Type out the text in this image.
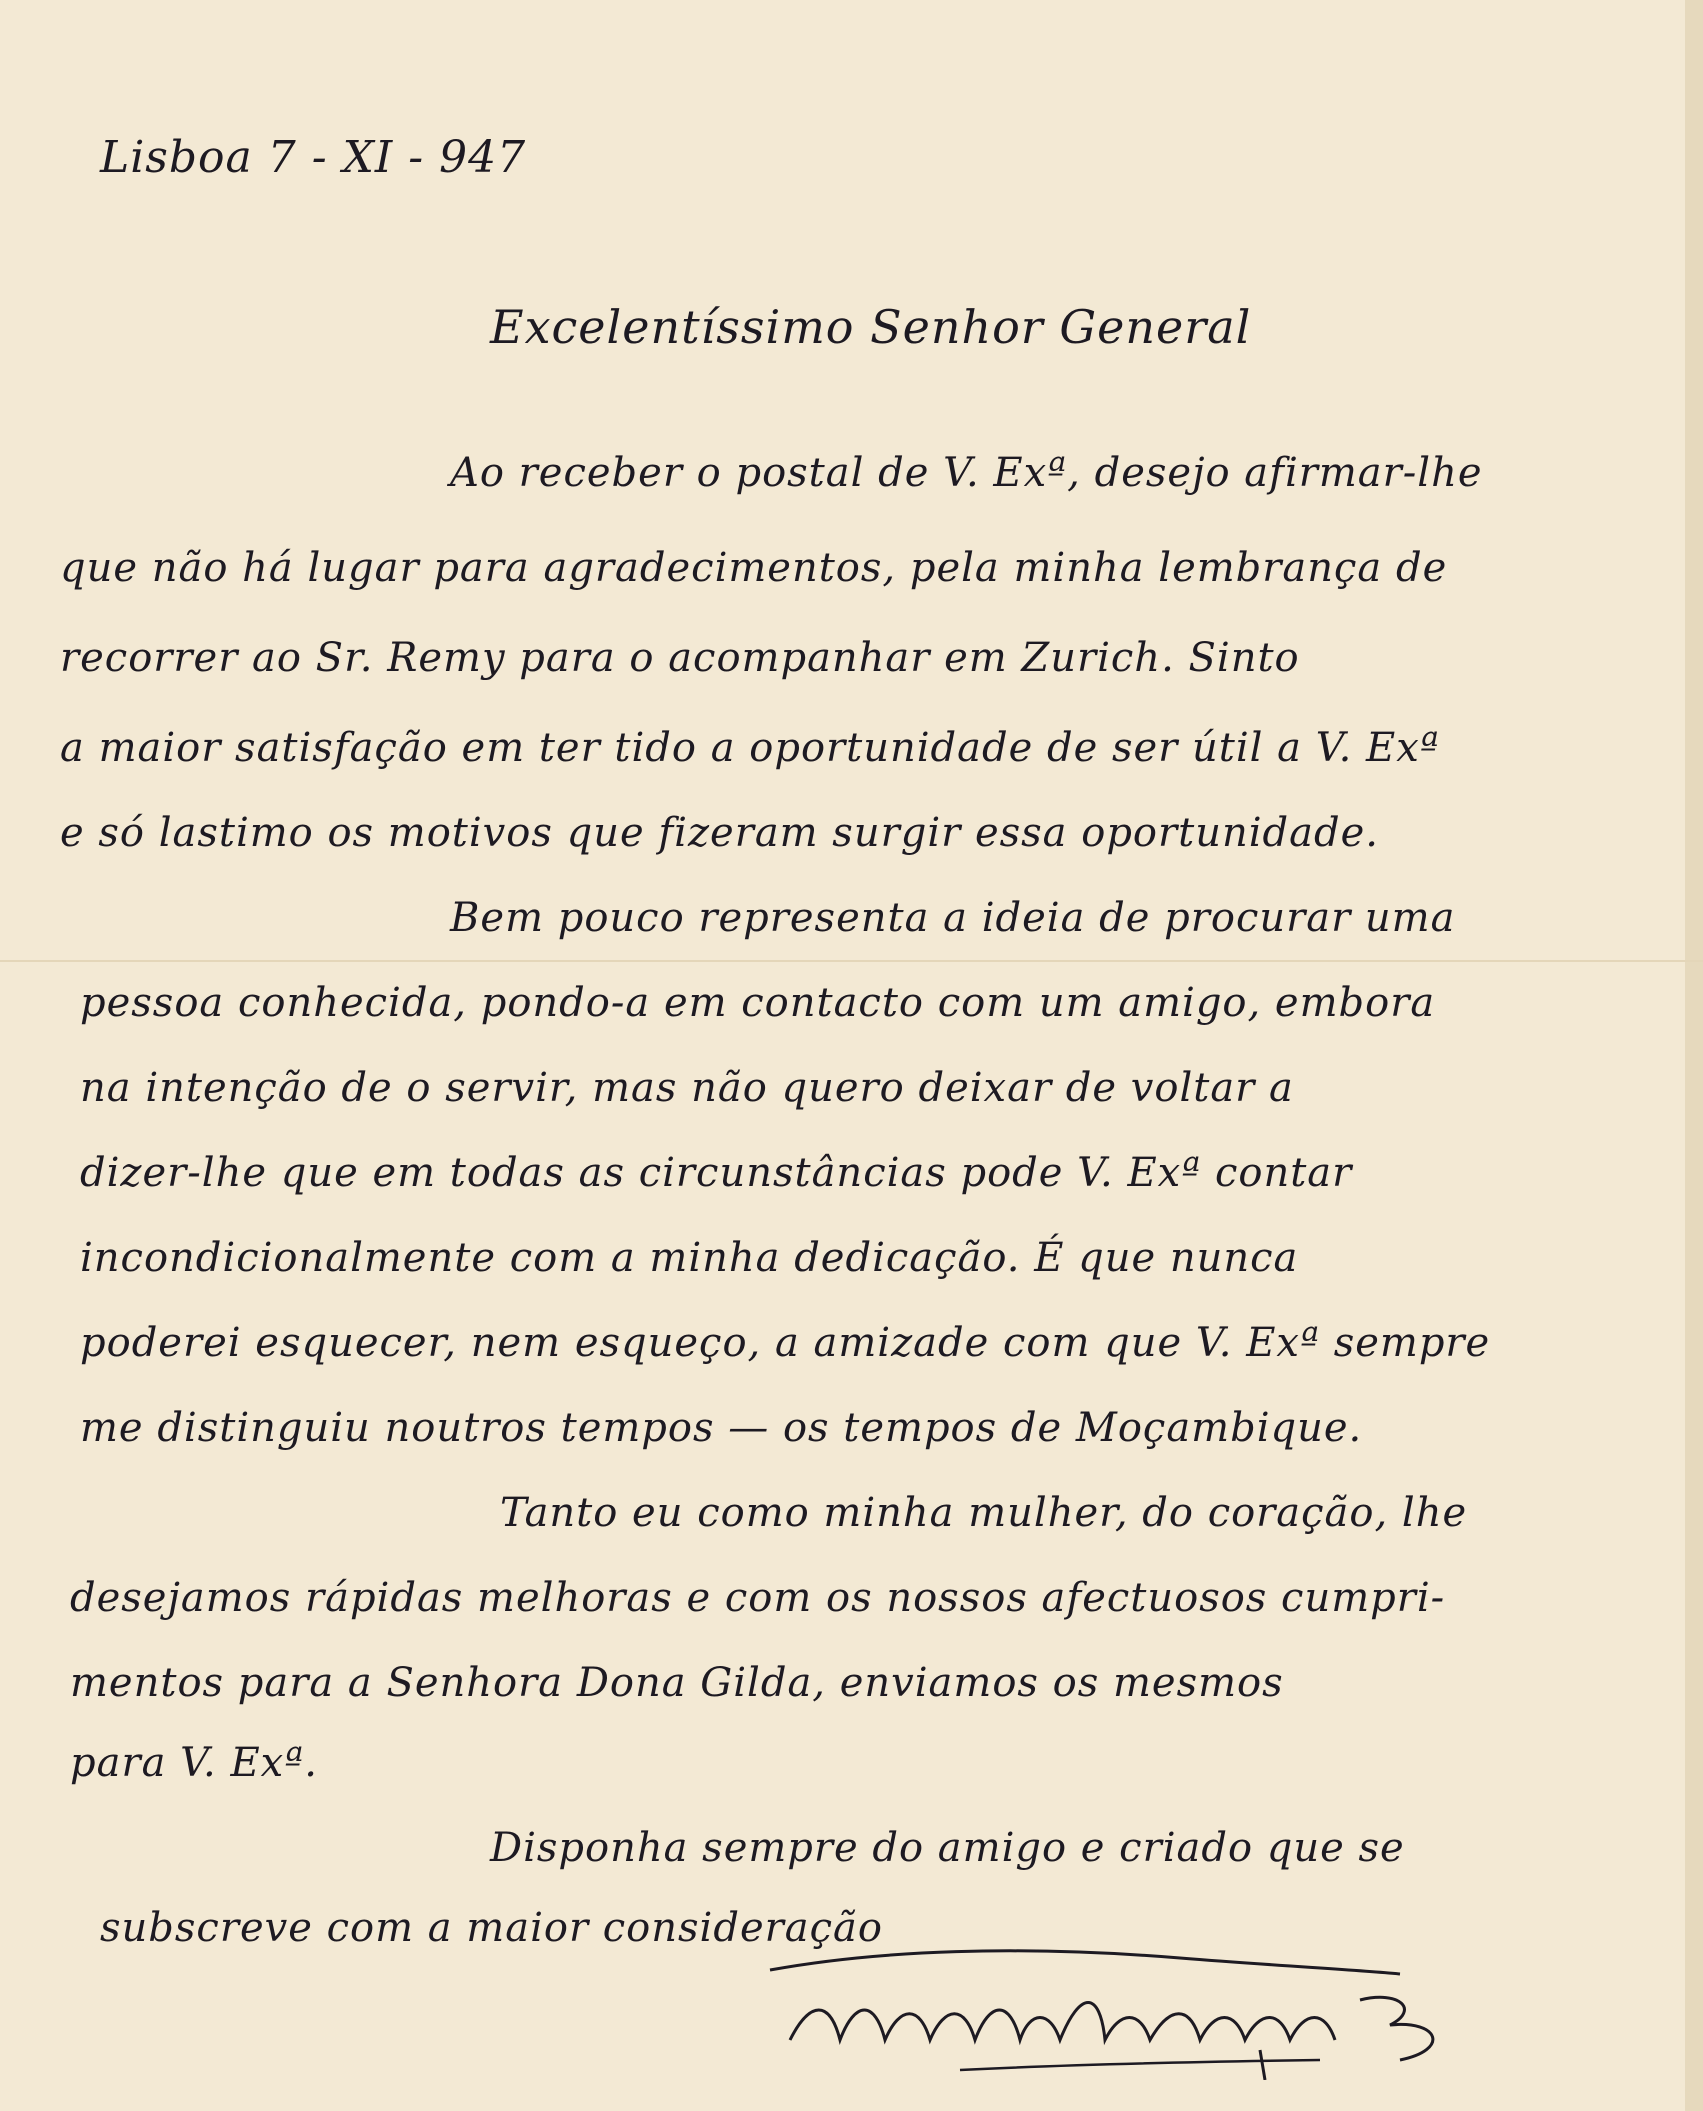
Lisboa 7 - XI - 947
Excelentíssimo Senhor General
Ao receber o postal de V. Exª, desejo afirmar-lhe
que não há lugar para agradecimentos, pela minha lembrança de
recorrer ao Sr. Remy para o acompanhar em Zurich. Sinto
a maior satisfação em ter tido a oportunidade de ser útil a V. Exª
e só lastimo os motivos que fizeram surgir essa oportunidade.
Bem pouco representa a ideia de procurar uma
pessoa conhecida, pondo-a em contacto com um amigo, embora
na intenção de o servir, mas não quero deixar de voltar a
dizer-lhe que em todas as circunstâncias pode V. Exª contar
incondicionalmente com a minha dedicação. É que nunca
poderei esquecer, nem esqueço, a amizade com que V. Exª sempre
me distinguiu noutros tempos — os tempos de Moçambique.
Tanto eu como minha mulher, do coração, lhe
desejamos rápidas melhoras e com os nossos afectuosos cumpri-
mentos para a Senhora Dona Gilda, enviamos os mesmos
para V. Exª.
Disponha sempre do amigo e criado que se
subscreve com a maior consideração
